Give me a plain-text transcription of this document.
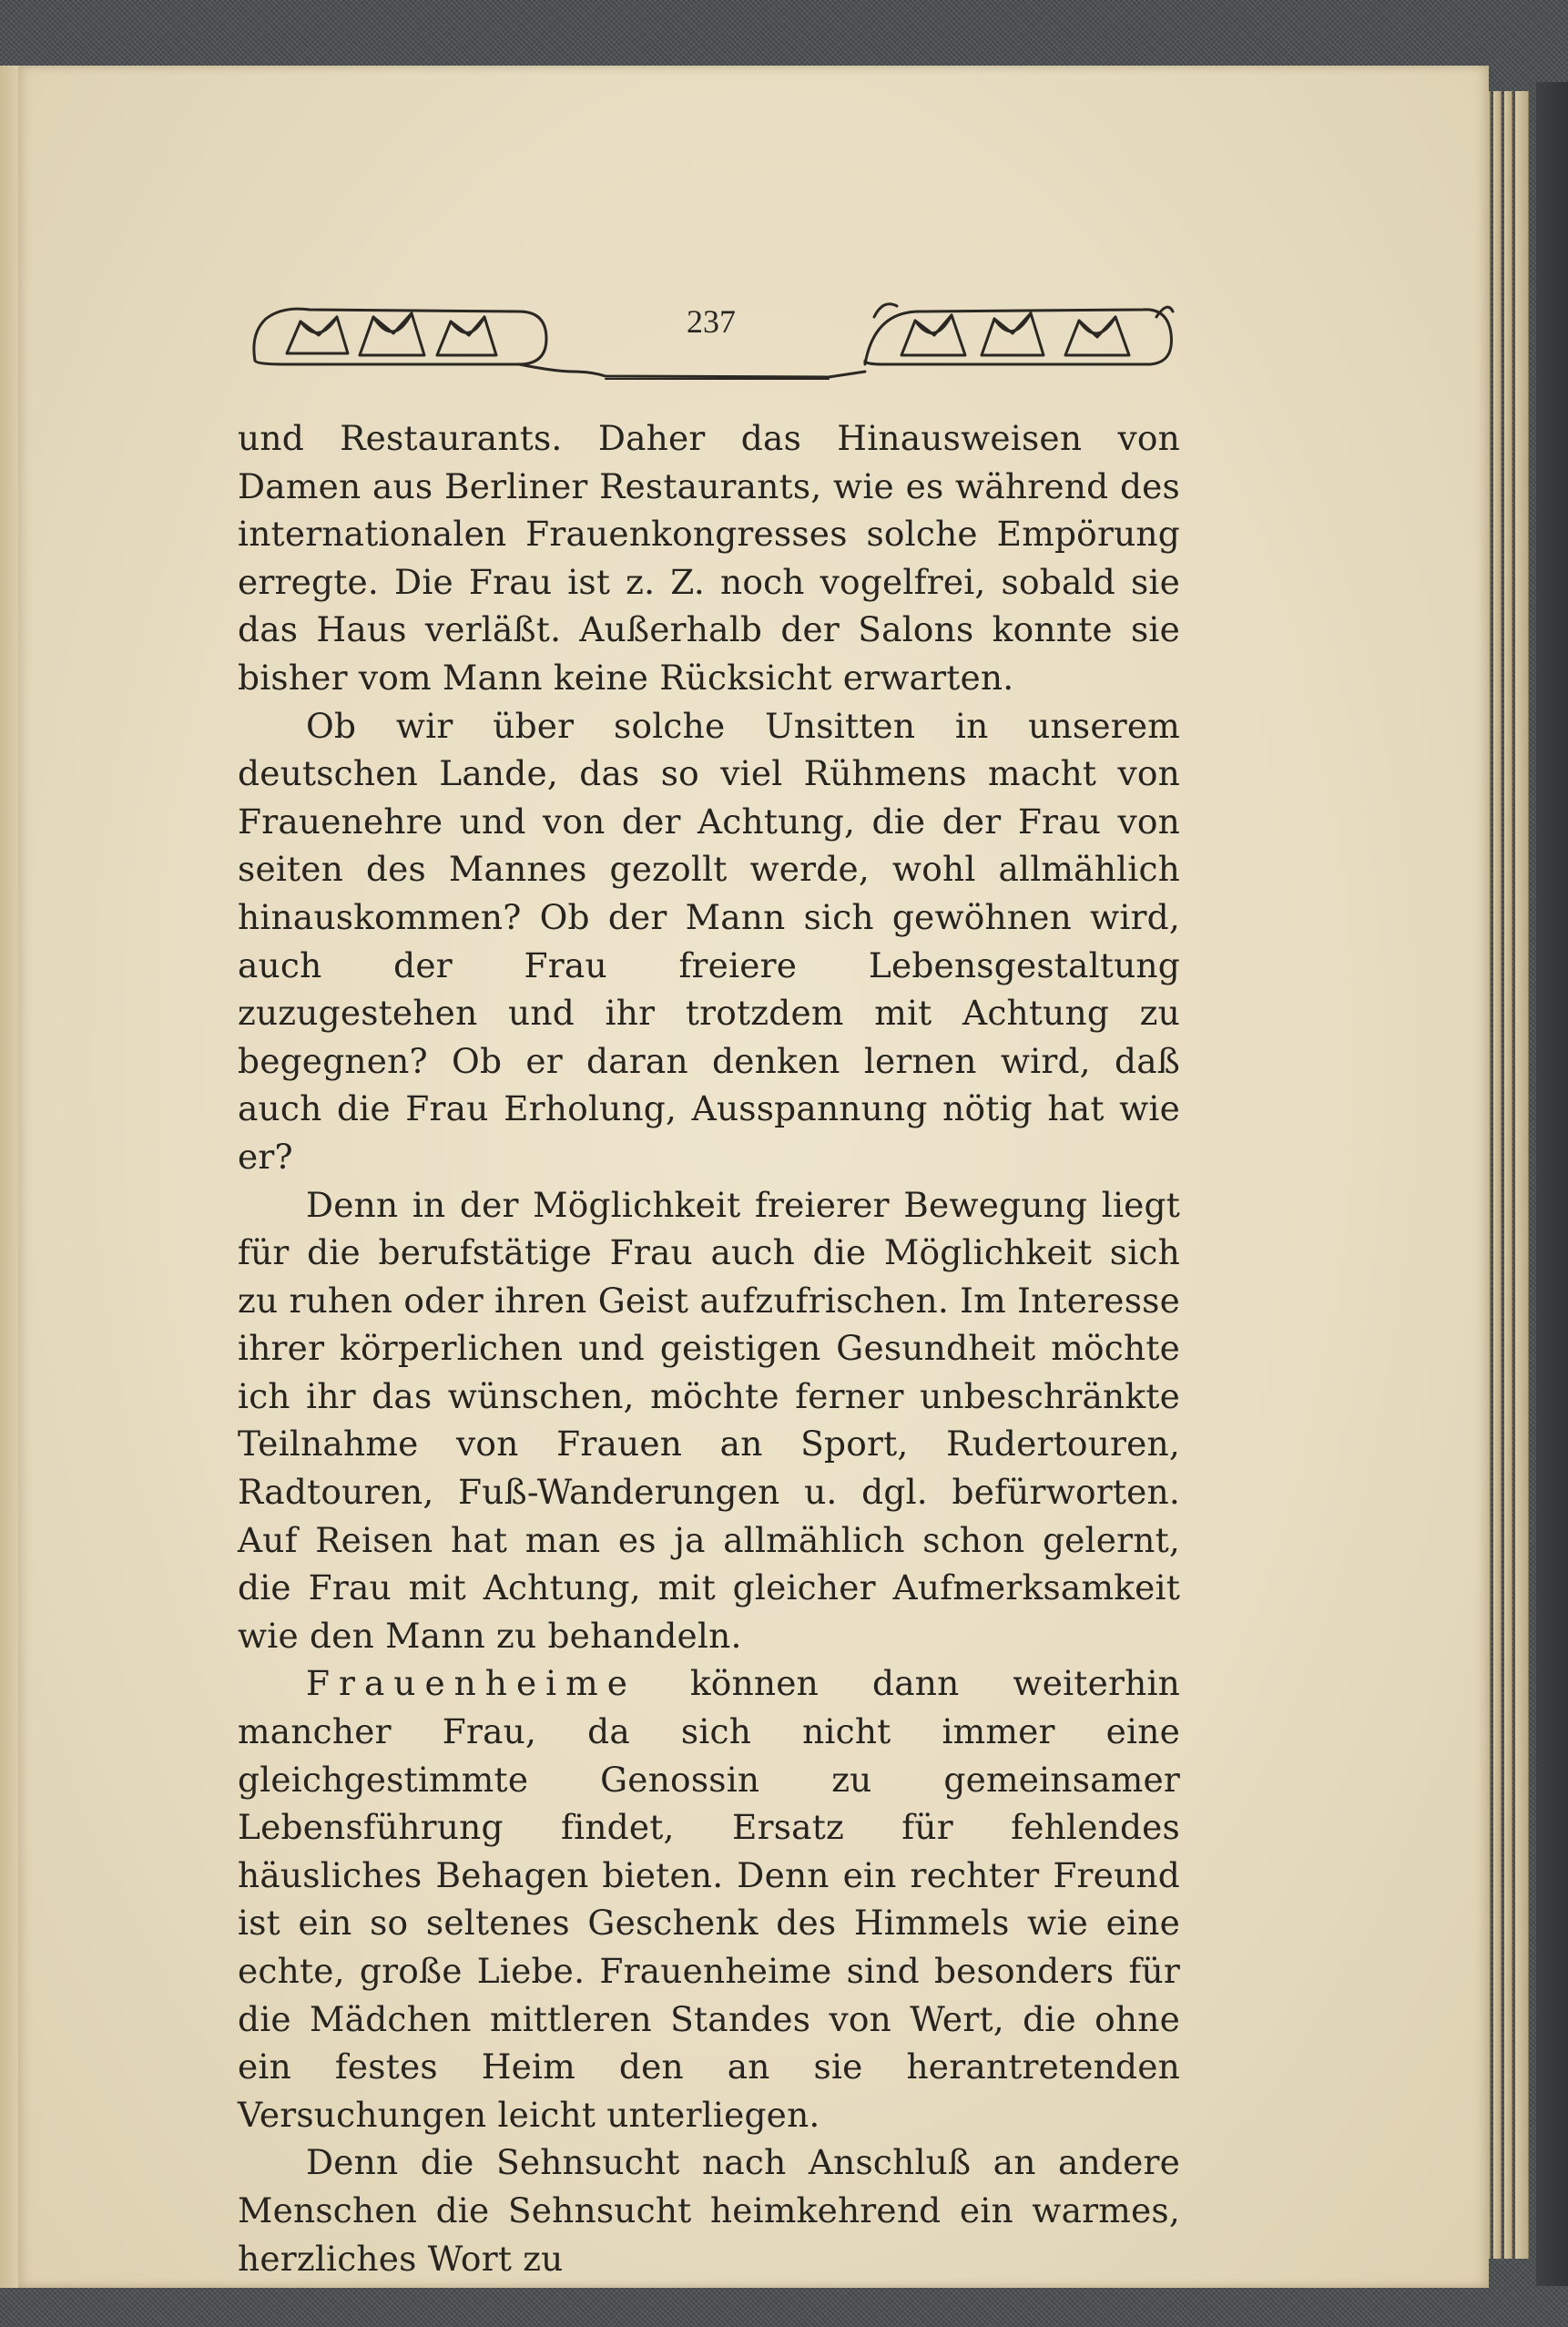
237

und Restaurants. Daher das Hinausweisen von Damen aus Berliner Restaurants, wie es während des internationalen Frauenkongresses solche Empörung erregte. Die Frau ist z. Z. noch vogelfrei, sobald sie das Haus verläßt. Außerhalb der Salons konnte sie bisher vom Mann keine Rücksicht erwarten.

Ob wir über solche Unsitten in unserem deutschen Lande, das so viel Rühmens macht von Frauenehre und von der Achtung, die der Frau von seiten des Mannes gezollt werde, wohl allmählich hinauskommen? Ob der Mann sich gewöhnen wird, auch der Frau freiere Lebensgestaltung zuzugestehen und ihr trotzdem mit Achtung zu begegnen? Ob er daran denken lernen wird, daß auch die Frau Erholung, Ausspannung nötig hat wie er?

Denn in der Möglichkeit freierer Bewegung liegt für die berufstätige Frau auch die Möglichkeit sich zu ruhen oder ihren Geist aufzufrischen. Im Interesse ihrer körperlichen und geistigen Gesundheit möchte ich ihr das wünschen, möchte ferner unbeschränkte Teilnahme von Frauen an Sport, Rudertouren, Radtouren, Fuß-Wanderungen u. dgl. befürworten. Auf Reisen hat man es ja allmählich schon gelernt, die Frau mit Achtung, mit gleicher Aufmerksamkeit wie den Mann zu behandeln.

Frauenheime können dann weiterhin mancher Frau, da sich nicht immer eine gleichgestimmte Genossin zu gemeinsamer Lebensführung findet, Ersatz für fehlendes häusliches Behagen bieten. Denn ein rechter Freund ist ein so seltenes Geschenk des Himmels wie eine echte, große Liebe. Frauenheime sind besonders für die Mädchen mittleren Standes von Wert, die ohne ein festes Heim den an sie herantretenden Versuchungen leicht unterliegen.

Denn die Sehnsucht nach Anschluß an andere Menschen die Sehnsucht heimkehrend ein warmes, herzliches Wort zu
